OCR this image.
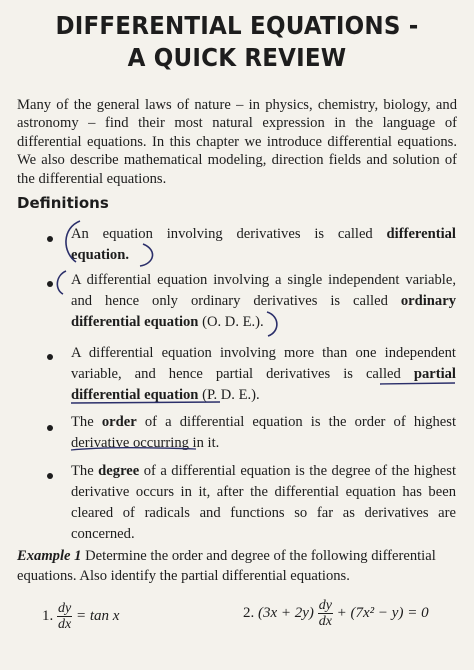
DIFFERENTIAL EQUATIONS -
A QUICK REVIEW
Many of the general laws of nature – in physics, chemistry, biology, and astronomy – find their most natural expression in the language of differential equations. In this chapter we introduce differential equations. We also describe mathematical modeling, direction fields and solution of the differential equations.
Definitions
An equation involving derivatives is called differential equation.
A differential equation involving a single independent variable, and hence only ordinary derivatives is called ordinary differential equation (O. D. E.).
A differential equation involving more than one independent variable, and hence partial derivatives is called partial differential equation (P. D. E.).
The order of a differential equation is the order of highest derivative occurring in it.
The degree of a differential equation is the degree of the highest derivative occurs in it, after the differential equation has been cleared of radicals and functions so far as derivatives are concerned.
Example 1 Determine the order and degree of the following differential equations. Also identify the partial differential equations.
1. $\frac{dy}{dx} = \tan x$	2. $(3x + 2y) \frac{dy}{dx} + (7x^2 - y) = 0$
